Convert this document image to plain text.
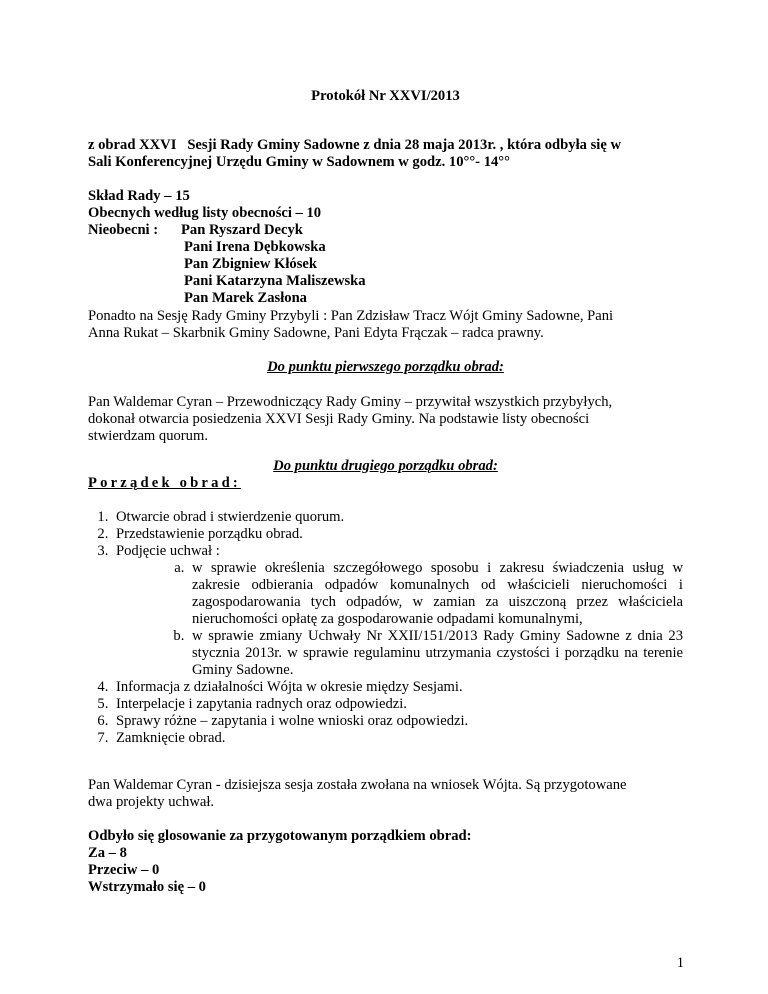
Protokół Nr XXVI/2013
z obrad XXVI   Sesji Rady Gminy Sadowne z dnia 28 maja 2013r. , która odbyła się w
Sali Konferencyjnej Urzędu Gminy w Sadownem w godz. 10°°- 14°°
Skład Rady – 15
Obecnych według listy obecności – 10
Nieobecni : Pan Ryszard Decyk
Pani Irena Dębkowska
Pan Zbigniew Kłósek
Pani Katarzyna Maliszewska
Pan Marek Zasłona
Ponadto na Sesję Rady Gminy Przybyli : Pan Zdzisław Tracz Wójt Gminy Sadowne, Pani
Anna Rukat – Skarbnik Gminy Sadowne, Pani Edyta Frączak – radca prawny.
Do punktu pierwszego porządku obrad:
Pan Waldemar Cyran – Przewodniczący Rady Gminy – przywitał wszystkich przybyłych,
dokonał otwarcia posiedzenia XXVI Sesji Rady Gminy. Na podstawie listy obecności
stwierdzam quorum.
Do punktu drugiego porządku obrad:
Porządek obrad:
1. Otwarcie obrad i stwierdzenie quorum.
2. Przedstawienie porządku obrad.
3. Podjęcie uchwał :
a. w sprawie określenia szczegółowego sposobu i zakresu świadczenia usług w zakresie odbierania odpadów komunalnych od właścicieli nieruchomości i zagospodarowania tych odpadów, w zamian za uiszczoną przez właściciela nieruchomości opłatę za gospodarowanie odpadami komunalnymi,
b. w sprawie zmiany Uchwały Nr XXII/151/2013 Rady Gminy Sadowne z dnia 23 stycznia 2013r. w sprawie regulaminu utrzymania czystości i porządku na terenie Gminy Sadowne.
4. Informacja z działalności Wójta w okresie między Sesjami.
5. Interpelacje i zapytania radnych oraz odpowiedzi.
6. Sprawy różne – zapytania i wolne wnioski oraz odpowiedzi.
7. Zamknięcie obrad.
Pan Waldemar Cyran - dzisiejsza sesja została zwołana na wniosek Wójta. Są przygotowane
dwa projekty uchwał.
Odbyło się glosowanie za przygotowanym porządkiem obrad:
Za – 8
Przeciw – 0
Wstrzymało się – 0
1
